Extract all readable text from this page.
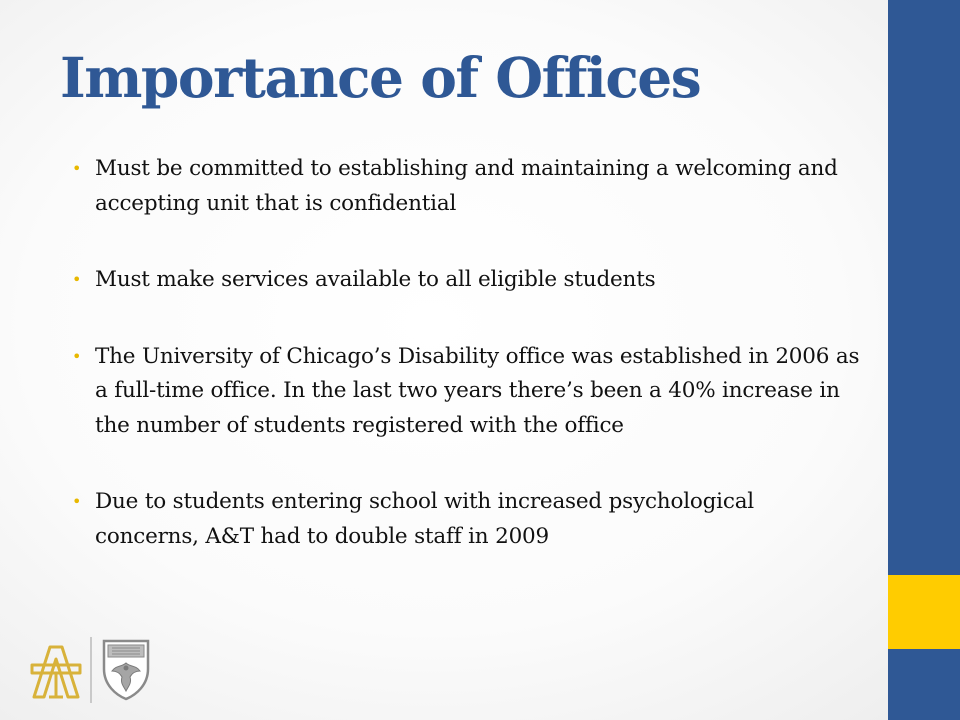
Importance of Offices
• Must be committed to establishing and maintaining a welcoming and accepting unit that is confidential
• Must make services available to all eligible students
• The University of Chicago’s Disability office was established in 2006 as a full-time office. In the last two years there’s been a 40% increase in the number of students registered with the office
• Due to students entering school with increased psychological concerns, A&T had to double staff in 2009
